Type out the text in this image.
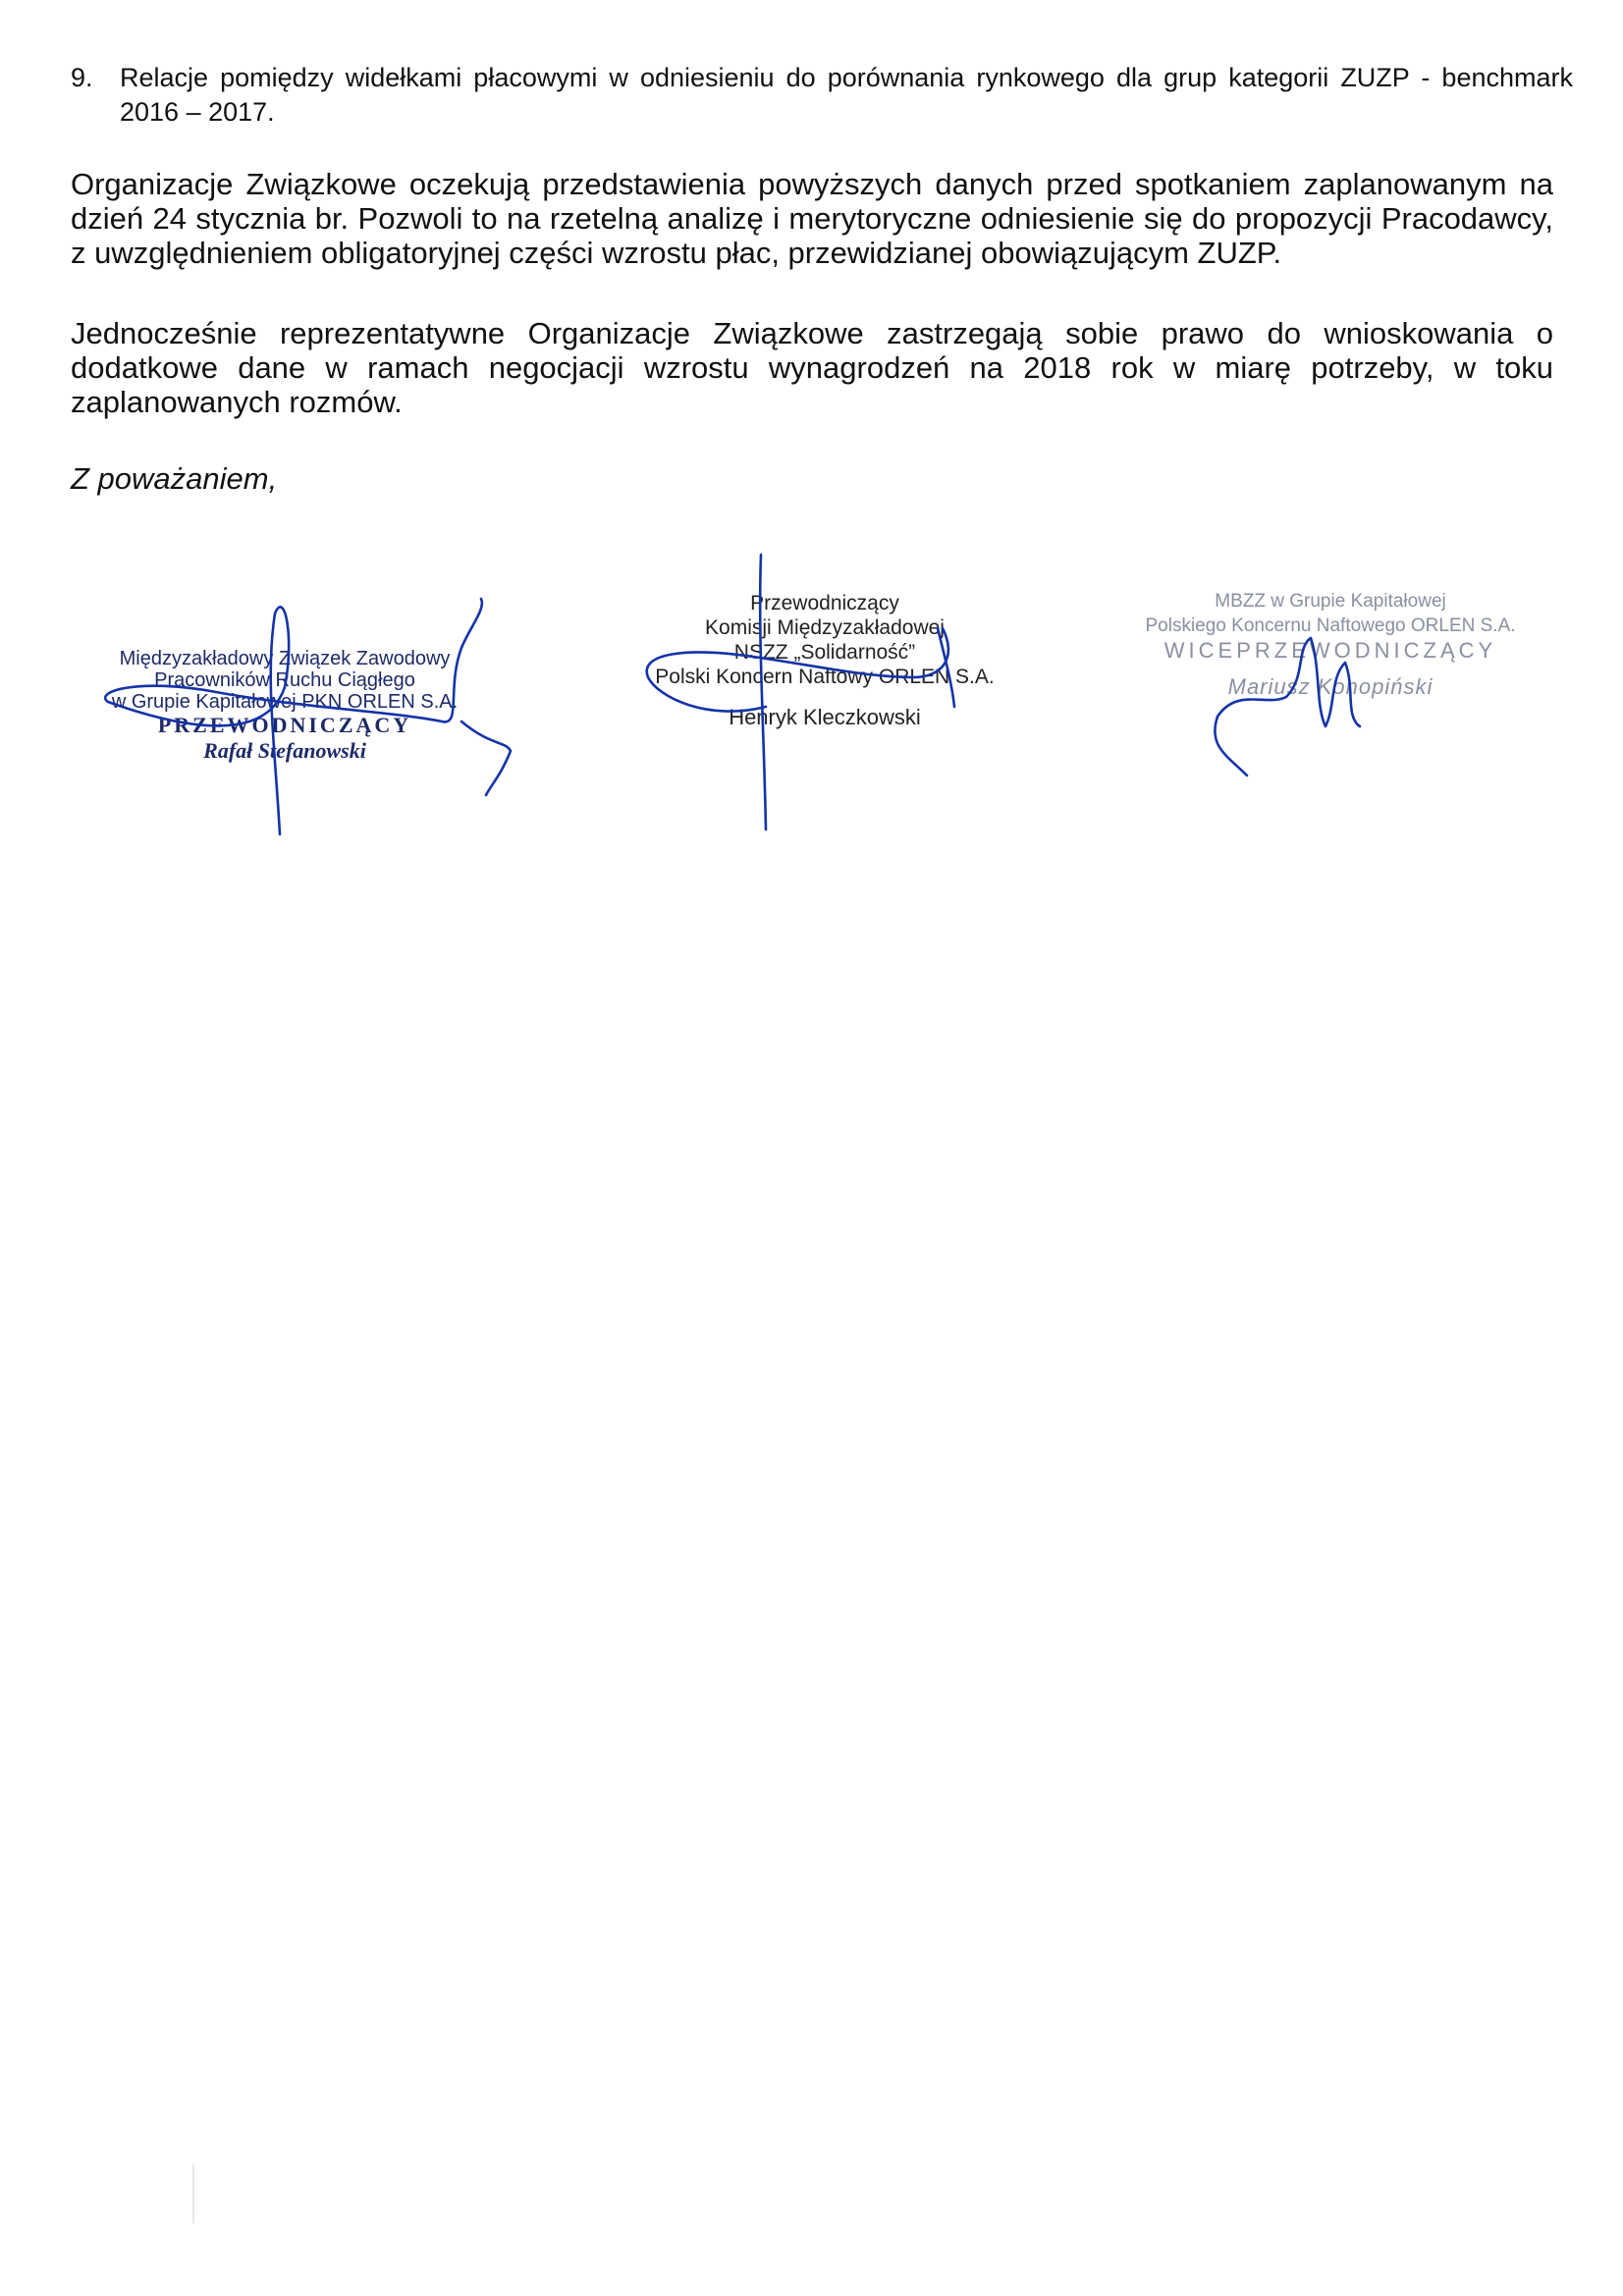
9. Relacje pomiędzy widełkami płacowymi w odniesieniu do porównania rynkowego dla grup kategorii ZUZP - benchmark 2016 – 2017.
Organizacje Związkowe oczekują przedstawienia powyższych danych przed spotkaniem zaplanowanym na dzień 24 stycznia br. Pozwoli to na rzetelną analizę i merytoryczne odniesienie się do propozycji Pracodawcy, z uwzględnieniem obligatoryjnej części wzrostu płac, przewidzianej obowiązującym ZUZP.
Jednocześnie reprezentatywne Organizacje Związkowe zastrzegają sobie prawo do wnioskowania o dodatkowe dane w ramach negocjacji wzrostu wynagrodzeń na 2018 rok w miarę potrzeby, w toku zaplanowanych rozmów.
Z poważaniem,
Międzyzakładowy Związek Zawodowy
Pracowników Ruchu Ciągłego
w Grupie Kapitałowej PKN ORLEN S.A.
PRZEWODNICZĄCY
Rafał Stefanowski
Przewodniczący
Komisji Międzyzakładowej
NSZZ „Solidarność”
Polski Koncern Naftowy ORLEN S.A.
Henryk Kleczkowski
MBZZ w Grupie Kapitałowej
Polskiego Koncernu Naftowego ORLEN S.A.
WICEPRZEWODNICZĄCY
Mariusz Konopiński
